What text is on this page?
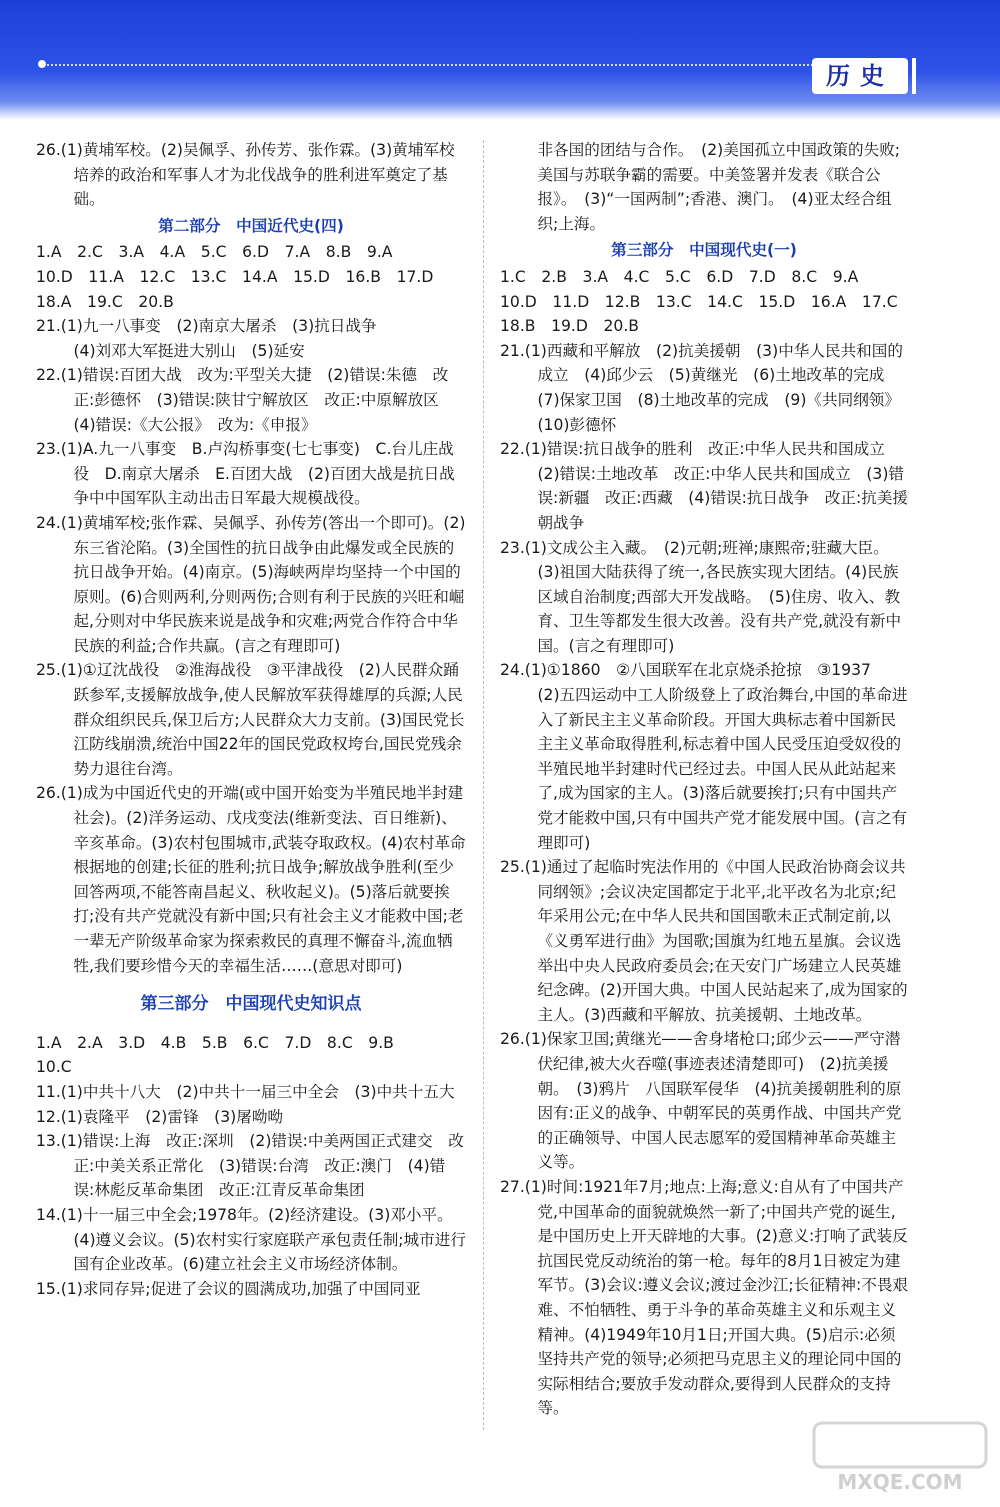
历史
26.(1)黄埔军校。(2)吴佩孚、孙传芳、张作霖。(3)黄埔军校培养的政治和军事人才为北伐战争的胜利进军奠定了基础。
第二部分　中国近代史(四)
1.A　2.C　3.A　4.A　5.C　6.D　7.A　8.B　9.A
10.D　11.A　12.C　13.C　14.A　15.D　16.B　17.D
18.A　19.C　20.B
21.(1)九一八事变　(2)南京大屠杀　(3)抗日战争
(4)刘邓大军挺进大别山　(5)延安
22.(1)错误:百团大战　改为:平型关大捷　(2)错误:朱德　改正:彭德怀　(3)错误:陕甘宁解放区　改正:中原解放区　(4)错误:《大公报》　改为:《申报》
23.(1)A.九一八事变　B.卢沟桥事变(七七事变)　C.台儿庄战役　D.南京大屠杀　E.百团大战　(2)百团大战是抗日战争中中国军队主动出击日军最大规模战役。
24.(1)黄埔军校;张作霖、吴佩孚、孙传芳(答出一个即可)。(2)东三省沦陷。(3)全国性的抗日战争由此爆发或全民族的抗日战争开始。(4)南京。(5)海峡两岸均坚持一个中国的原则。(6)合则两利,分则两伤;合则有利于民族的兴旺和崛起,分则对中华民族来说是战争和灾难;两党合作符合中华民族的利益;合作共赢。(言之有理即可)
25.(1)①辽沈战役　②淮海战役　③平津战役　(2)人民群众踊跃参军,支援解放战争,使人民解放军获得雄厚的兵源;人民群众组织民兵,保卫后方;人民群众大力支前。(3)国民党长江防线崩溃,统治中国22年的国民党政权垮台,国民党残余势力退往台湾。
26.(1)成为中国近代史的开端(或中国开始变为半殖民地半封建社会)。(2)洋务运动、戊戌变法(维新变法、百日维新)、辛亥革命。(3)农村包围城市,武装夺取政权。(4)农村革命根据地的创建;长征的胜利;抗日战争;解放战争胜利(至少回答两项,不能答南昌起义、秋收起义)。(5)落后就要挨打;没有共产党就没有新中国;只有社会主义才能救中国;老一辈无产阶级革命家为探索救民的真理不懈奋斗,流血牺牲,我们要珍惜今天的幸福生活……(意思对即可)
第三部分　中国现代史知识点
1.A　2.A　3.D　4.B　5.B　6.C　7.D　8.C　9.B
10.C
11.(1)中共十八大　(2)中共十一届三中全会　(3)中共十五大
12.(1)袁隆平　(2)雷锋　(3)屠呦呦
13.(1)错误:上海　改正:深圳　(2)错误:中美两国正式建交　改正:中美关系正常化　(3)错误:台湾　改正:澳门　(4)错误:林彪反革命集团　改正:江青反革命集团
14.(1)十一届三中全会;1978年。(2)经济建设。(3)邓小平。(4)遵义会议。(5)农村实行家庭联产承包责任制;城市进行国有企业改革。(6)建立社会主义市场经济体制。
15.(1)求同存异;促进了会议的圆满成功,加强了中国同亚
非各国的团结与合作。　(2)美国孤立中国政策的失败;美国与苏联争霸的需要。中美签署并发表《联合公报》。　(3)“一国两制”;香港、澳门。　(4)亚太经合组织;上海。
第三部分　中国现代史(一)
1.C　2.B　3.A　4.C　5.C　6.D　7.D　8.C　9.A
10.D　11.D　12.B　13.C　14.C　15.D　16.A　17.C
18.B　19.D　20.B
21.(1)西藏和平解放　(2)抗美援朝　(3)中华人民共和国的成立　(4)邱少云　(5)黄继光　(6)土地改革的完成　(7)保家卫国　(8)土地改革的完成　(9)《共同纲领》　(10)彭德怀
22.(1)错误:抗日战争的胜利　改正:中华人民共和国成立　(2)错误:土地改革　改正:中华人民共和国成立　(3)错误:新疆　改正:西藏　(4)错误:抗日战争　改正:抗美援朝战争
23.(1)文成公主入藏。　(2)元朝;班禅;康熙帝;驻藏大臣。　(3)祖国大陆获得了统一,各民族实现大团结。(4)民族区域自治制度;西部大开发战略。　(5)住房、收入、教育、卫生等都发生很大改善。没有共产党,就没有新中国。(言之有理即可)
24.(1)①1860　②八国联军在北京烧杀抢掠　③1937
(2)五四运动中工人阶级登上了政治舞台,中国的革命进入了新民主主义革命阶段。开国大典标志着中国新民主主义革命取得胜利,标志着中国人民受压迫受奴役的半殖民地半封建时代已经过去。中国人民从此站起来了,成为国家的主人。(3)落后就要挨打;只有中国共产党才能救中国,只有中国共产党才能发展中国。(言之有理即可)
25.(1)通过了起临时宪法作用的《中国人民政治协商会议共同纲领》;会议决定国都定于北平,北平改名为北京;纪年采用公元;在中华人民共和国国歌未正式制定前,以《义勇军进行曲》为国歌;国旗为红地五星旗。会议选举出中央人民政府委员会;在天安门广场建立人民英雄纪念碑。(2)开国大典。中国人民站起来了,成为国家的主人。(3)西藏和平解放、抗美援朝、土地改革。
26.(1)保家卫国;黄继光——舍身堵枪口;邱少云——严守潜伏纪律,被大火吞噬(事迹表述清楚即可)　(2)抗美援朝。　(3)鸦片　八国联军侵华　(4)抗美援朝胜利的原因有:正义的战争、中朝军民的英勇作战、中国共产党的正确领导、中国人民志愿军的爱国精神革命英雄主义等。
27.(1)时间:1921年7月;地点:上海;意义:自从有了中国共产党,中国革命的面貌就焕然一新了;中国共产党的诞生,是中国历史上开天辟地的大事。(2)意义:打响了武装反抗国民党反动统治的第一枪。每年的8月1日被定为建军节。(3)会议:遵义会议;渡过金沙江;长征精神:不畏艰难、不怕牺牲、勇于斗争的革命英雄主义和乐观主义精神。(4)1949年10月1日;开国大典。(5)启示:必须坚持共产党的领导;必须把马克思主义的理论同中国的实际相结合;要放手发动群众,要得到人民群众的支持等。
MXQE.COM
